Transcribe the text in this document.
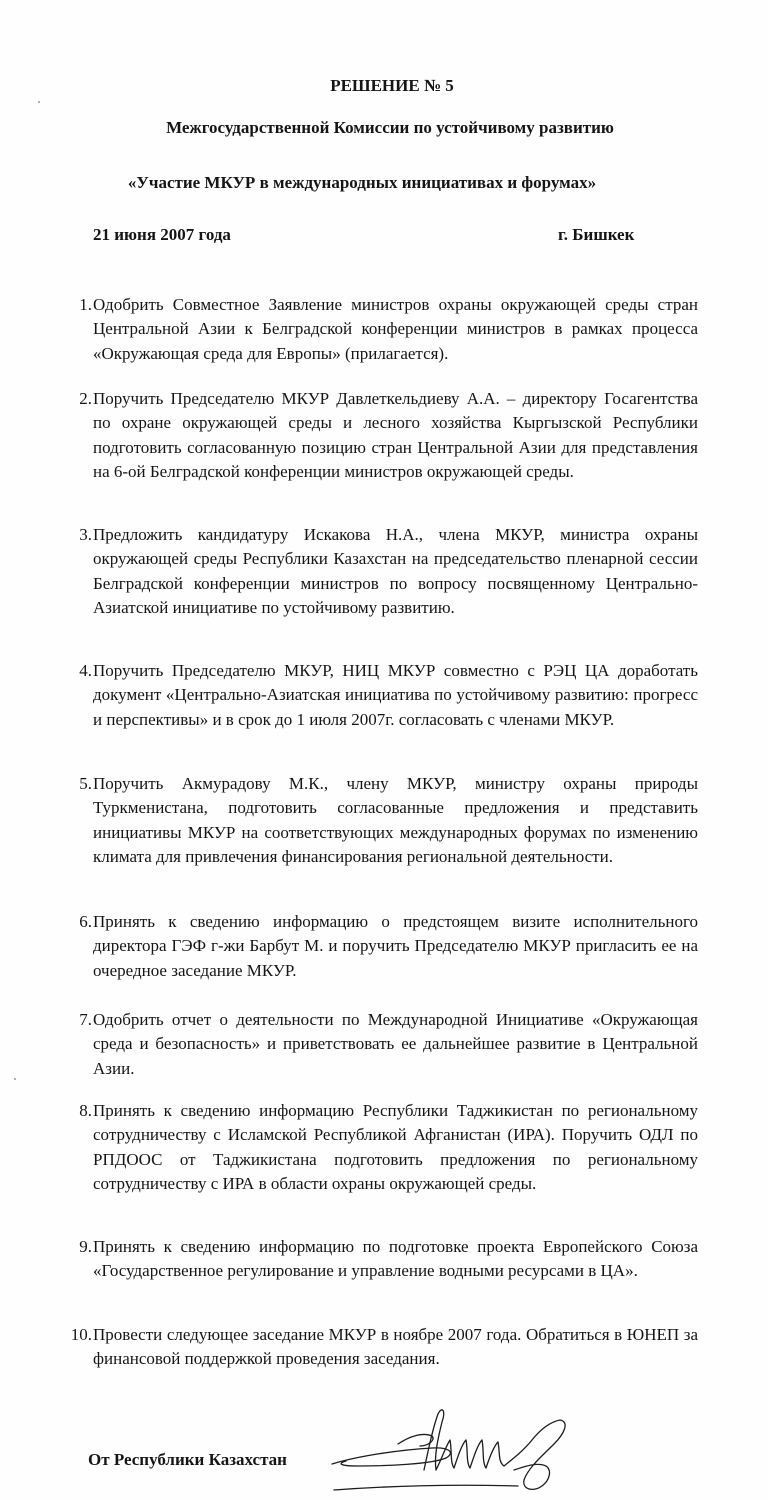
РЕШЕНИЕ № 5
Межгосударственной Комиссии по устойчивому развитию
«Участие МКУР в международных инициативах и форумах»
21 июня 2007 года	г. Бишкек
1. Одобрить Совместное Заявление министров охраны окружающей среды стран Центральной Азии к Белградской конференции министров в рамках процесса «Окружающая среда для Европы» (прилагается).
2. Поручить Председателю МКУР Давлеткельдиеву А.А. – директору Госагентства по охране окружающей среды и лесного хозяйства Кыргызской Республики подготовить согласованную позицию стран Центральной Азии для представления на 6-ой Белградской конференции министров окружающей среды.
3. Предложить кандидатуру Искакова Н.А., члена МКУР, министра охраны окружающей среды Республики Казахстан на председательство пленарной сессии Белградской конференции министров по вопросу посвященному Центрально-Азиатской инициативе по устойчивому развитию.
4. Поручить Председателю МКУР, НИЦ МКУР совместно с РЭЦ ЦА доработать документ «Центрально-Азиатская инициатива по устойчивому развитию: прогресс и перспективы» и в срок до 1 июля 2007г. согласовать с членами МКУР.
5. Поручить Акмурадову М.К., члену МКУР, министру охраны природы Туркменистана, подготовить согласованные предложения и представить инициативы МКУР на соответствующих международных форумах по изменению климата для привлечения финансирования региональной деятельности.
6. Принять к сведению информацию о предстоящем визите исполнительного директора ГЭФ г-жи Барбут М. и поручить Председателю МКУР пригласить ее на очередное заседание МКУР.
7. Одобрить отчет о деятельности по Международной Инициативе «Окружающая среда и безопасность» и приветствовать ее дальнейшее развитие в Центральной Азии.
8. Принять к сведению информацию Республики Таджикистан по региональному сотрудничеству с Исламской Республикой Афганистан (ИРА). Поручить ОДЛ по РПДООС от Таджикистана подготовить предложения по региональному сотрудничеству с ИРА в области охраны окружающей среды.
9. Принять к сведению информацию по подготовке проекта Европейского Союза «Государственное регулирование и управление водными ресурсами в ЦА».
10. Провести следующее заседание МКУР в ноябре 2007 года. Обратиться в ЮНЕП за финансовой поддержкой проведения заседания.
От Республики Казахстан
